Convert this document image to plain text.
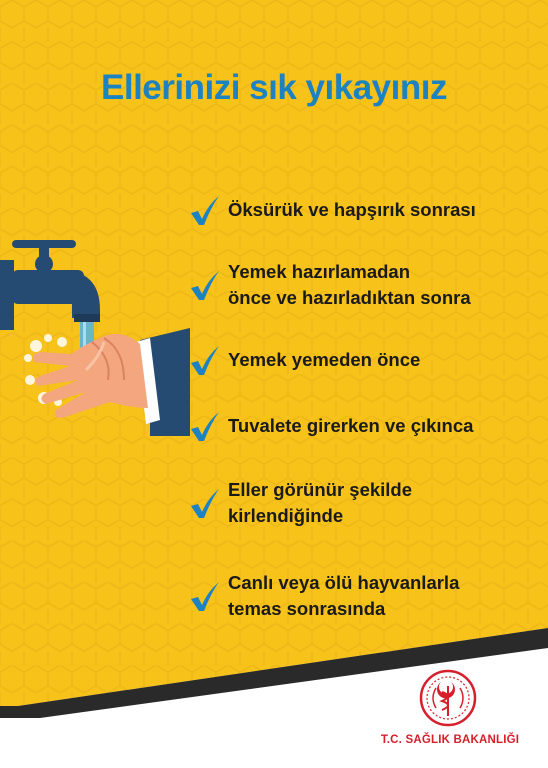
Ellerinizi sık yıkayınız
Öksürük ve hapşırık sonrası
Yemek hazırlamadan
önce ve hazırladıktan sonra
Yemek yemeden önce
Tuvalete girerken ve çıkınca
Eller görünür şekilde
kirlendiğinde
Canlı veya ölü hayvanlarla
temas sonrasında
T.C. SAĞLIK BAKANLIĞI
